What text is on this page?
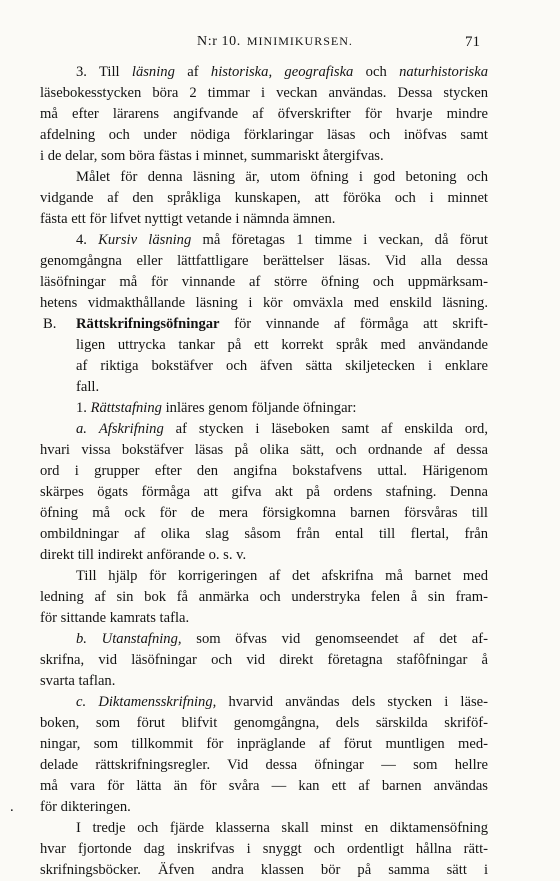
N:r 10. MINIMIKURSEN.	71
3. Till läsning af historiska, geografiska och naturhistoriska
läsebokesstycken böra 2 timmar i veckan användas. Dessa stycken
må efter lärarens angifvande af öfverskrifter för hvarje mindre
afdelning och under nödiga förklaringar läsas och inöfvas samt
i de delar, som böra fästas i minnet, summariskt återgifvas.
Målet för denna läsning är, utom öfning i god betoning och
vidgande af den språkliga kunskapen, att föröka och i minnet
fästa ett för lifvet nyttigt vetande i nämnda ämnen.
4. Kursiv läsning må företagas 1 timme i veckan, då förut
genomgångna eller lättfattligare berättelser läsas. Vid alla dessa
läsöfningar må för vinnande af större öfning och uppmärksam-
hetens vidmakthållande läsning i kör omväxla med enskild läsning.
B. Rättskrifningsöfningar för vinnande af förmåga att skrift-
ligen uttrycka tankar på ett korrekt språk med användande
af riktiga bokstäfver och äfven sätta skiljetecken i enklare
fall.
1. Rättstafning inläres genom följande öfningar:
a. Afskrifning af stycken i läseboken samt af enskilda ord,
hvari vissa bokstäfver läsas på olika sätt, och ordnande af dessa
ord i grupper efter den angifna bokstafvens uttal. Härigenom
skärpes ögats förmåga att gifva akt på ordens stafning. Denna
öfning må ock för de mera försigkomna barnen försvåras till
ombildningar af olika slag såsom från ental till flertal, från
direkt till indirekt anförande o. s. v.
Till hjälp för korrigeringen af det afskrifna må barnet med
ledning af sin bok få anmärka och understryka felen å sin fram-
för sittande kamrats tafla.
b. Utanstafning, som öfvas vid genomseendet af det af-
skrifna, vid läsöfningar och vid direkt företagna stafôfningar å
svarta taflan.
c. Diktamensskrifning, hvarvid användas dels stycken i läse-
boken, som förut blifvit genomgångna, dels särskilda skriföf-
ningar, som tillkommit för inpräglande af förut muntligen med-
delade rättskrifningsregler. Vid dessa öfningar — som hellre
må vara för lätta än för svåra — kan ett af barnen användas
. för dikteringen.
I tredje och fjärde klasserna skall minst en diktamensöfning
hvar fjortonde dag inskrifvas i snyggt och ordentligt hållna rätt-
skrifningsböcker. Äfven andra klassen bör på samma sätt i
